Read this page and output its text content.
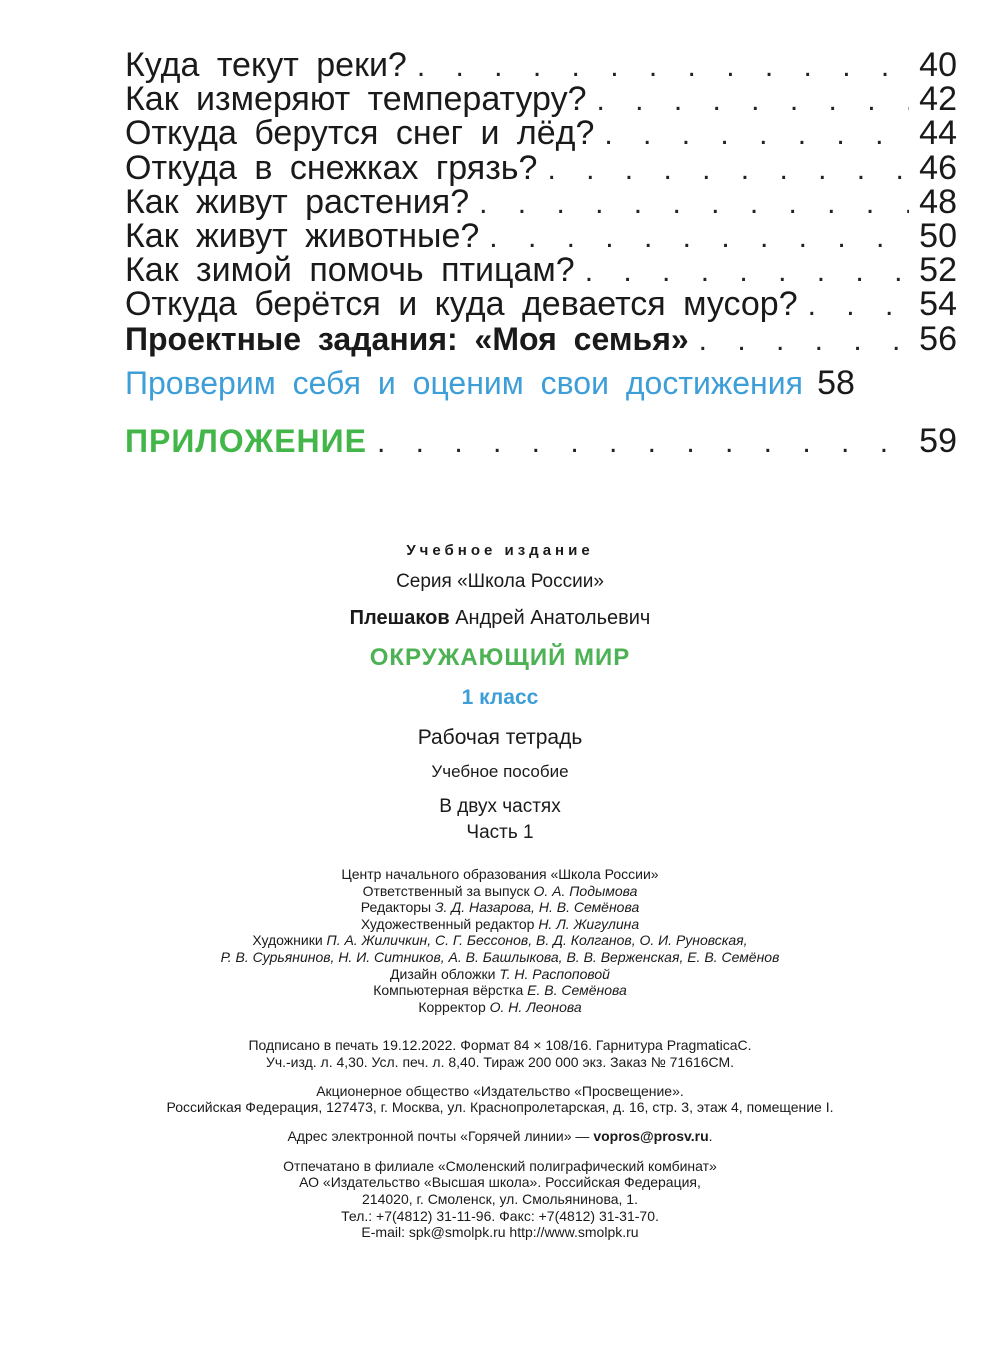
Куда текут реки? . . .	40
Как измеряют температуру? . . .	42
Откуда берутся снег и лёд? . . .	44
Откуда в снежках грязь? . . .	46
Как живут растения? . . .	48
Как живут животные? . . .	50
Как зимой помочь птицам? . . .	52
Откуда берётся и куда девается мусор? . . .	54
Проектные задания: «Моя семья» . . .	56
Проверим себя и оценим свои достижения 58
ПРИЛОЖЕНИЕ . . .	59
Учебное издание
Серия «Школа России»
Плешаков Андрей Анатольевич
ОКРУЖАЮЩИЙ МИР
1 класс
Рабочая тетрадь
Учебное пособие
В двух частях
Часть 1
Центр начального образования «Школа России»
Ответственный за выпуск О. А. Подымова
Редакторы З. Д. Назарова, Н. В. Семёнова
Художественный редактор Н. Л. Жигулина
Художники П. А. Жиличкин, С. Г. Бессонов, В. Д. Колганов, О. И. Руновская,
Р. В. Сурьянинов, Н. И. Ситников, А. В. Башлыкова, В. В. Верженская, Е. В. Семёнов
Дизайн обложки Т. Н. Распоповой
Компьютерная вёрстка Е. В. Семёнова
Корректор О. Н. Леонова
Подписано в печать 19.12.2022. Формат 84 × 108/16. Гарнитура PragmaticaC.
Уч.-изд. л. 4,30. Усл. печ. л. 8,40. Тираж 200 000 экз. Заказ № 71616СМ.
Акционерное общество «Издательство «Просвещение».
Российская Федерация, 127473, г. Москва, ул. Краснопролетарская, д. 16, стр. 3, этаж 4, помещение I.
Адрес электронной почты «Горячей линии» — vopros@prosv.ru.
Отпечатано в филиале «Смоленский полиграфический комбинат»
АО «Издательство «Высшая школа». Российская Федерация,
214020, г. Смоленск, ул. Смольянинова, 1.
Тел.: +7(4812) 31-11-96. Факс: +7(4812) 31-31-70.
E-mail: spk@smolpk.ru http://www.smolpk.ru
